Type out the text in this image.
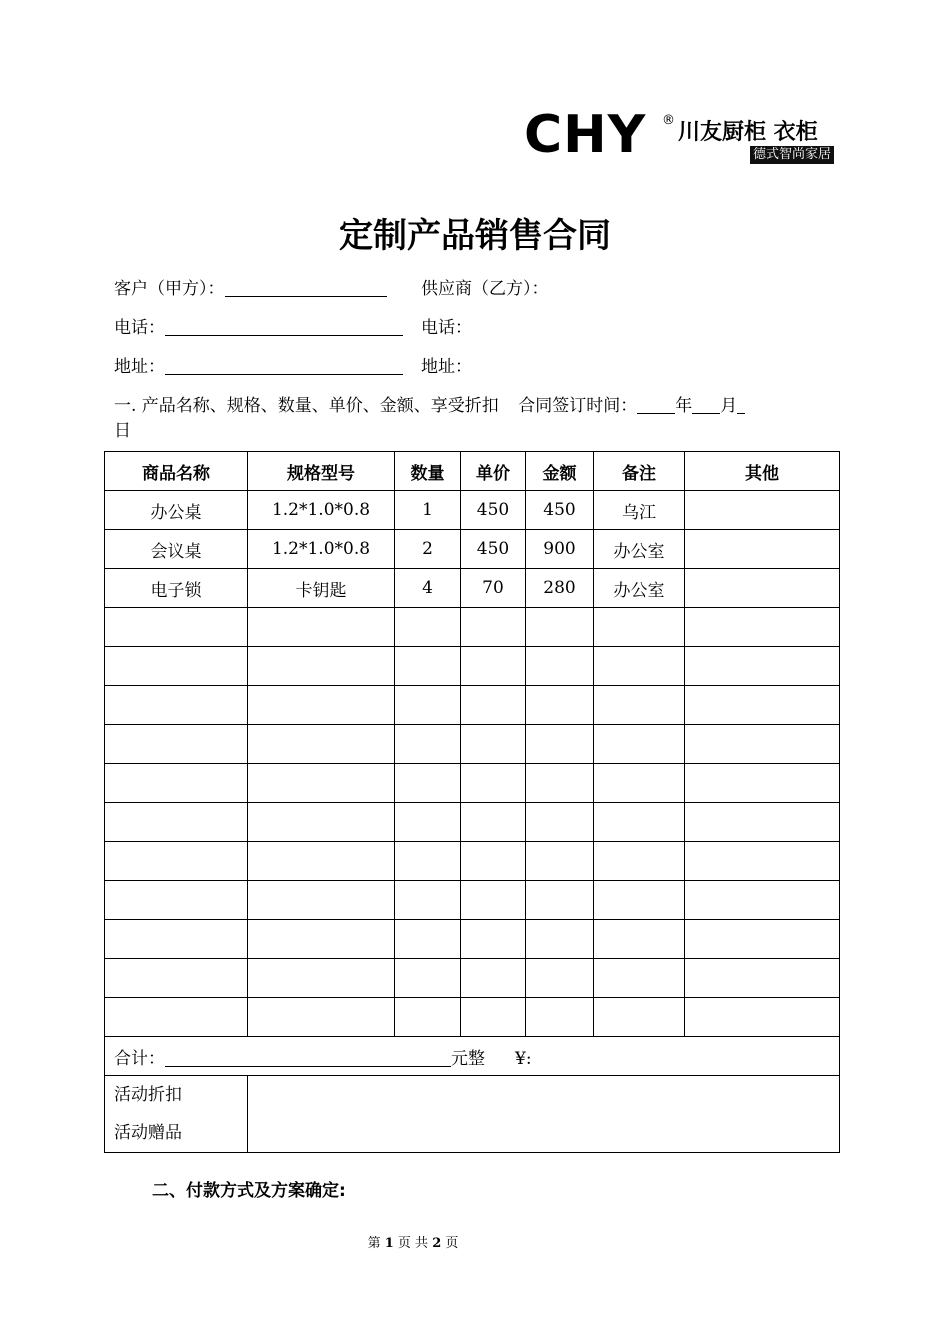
CHY ® 川友厨柜 衣柜
德式智尚家居
定制产品销售合同
客户（甲方）：	供应商（乙方）：
电话：	电话：
地址：	地址：
一. 产品名称、规格、数量、单价、金额、享受折扣 合同签订时间： 年 月
日
商品名称	规格型号	数量	单价	金额	备注	其他
办公桌	1.2*1.0*0.8	1	450	450	乌江	
会议桌	1.2*1.0*0.8	2	450	900	办公室	
电子锁	卡钥匙	4	70	280	办公室	

合计： 元整 ¥:						

活动折扣
活动赠品						

二、付款方式及方案确定:
第 1 页 共 2 页
